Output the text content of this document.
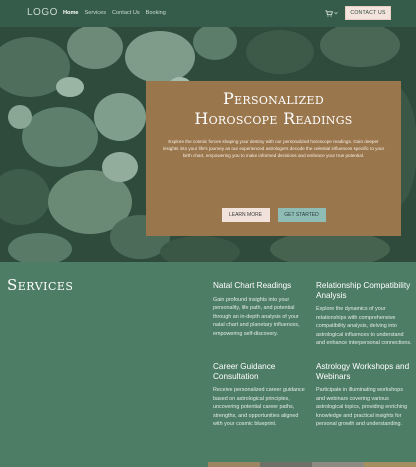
LOGO Home Services Contact Us Booking	CONTACT US
Personalized
Horoscope Readings
Explore the cosmic forces shaping your destiny with our personalized horoscope readings. Gain deeper insights into your life's journey as our experienced astrologers decode the celestial influences specific to your birth chart, empowering you to make informed decisions and embrace your true potential.
LEARN MORE	GET STARTED
Services	Natal Chart Readings
Gain profound insights into your personality, life path, and potential through an in-depth analysis of your natal chart and planetary influences, empowering self-discovery.
Relationship Compatibility Analysis
Explore the dynamics of your relationships with comprehensive compatibility analysis, delving into astrological influences to understand and enhance interpersonal connections.
Career Guidance Consultation
Receive personalized career guidance based on astrological principles, uncovering potential career paths, strengths, and opportunities aligned with your cosmic blueprint.
Astrology Workshops and Webinars
Participate in illuminating workshops and webinars covering various astrological topics, providing enriching knowledge and practical insights for personal growth and understanding.
